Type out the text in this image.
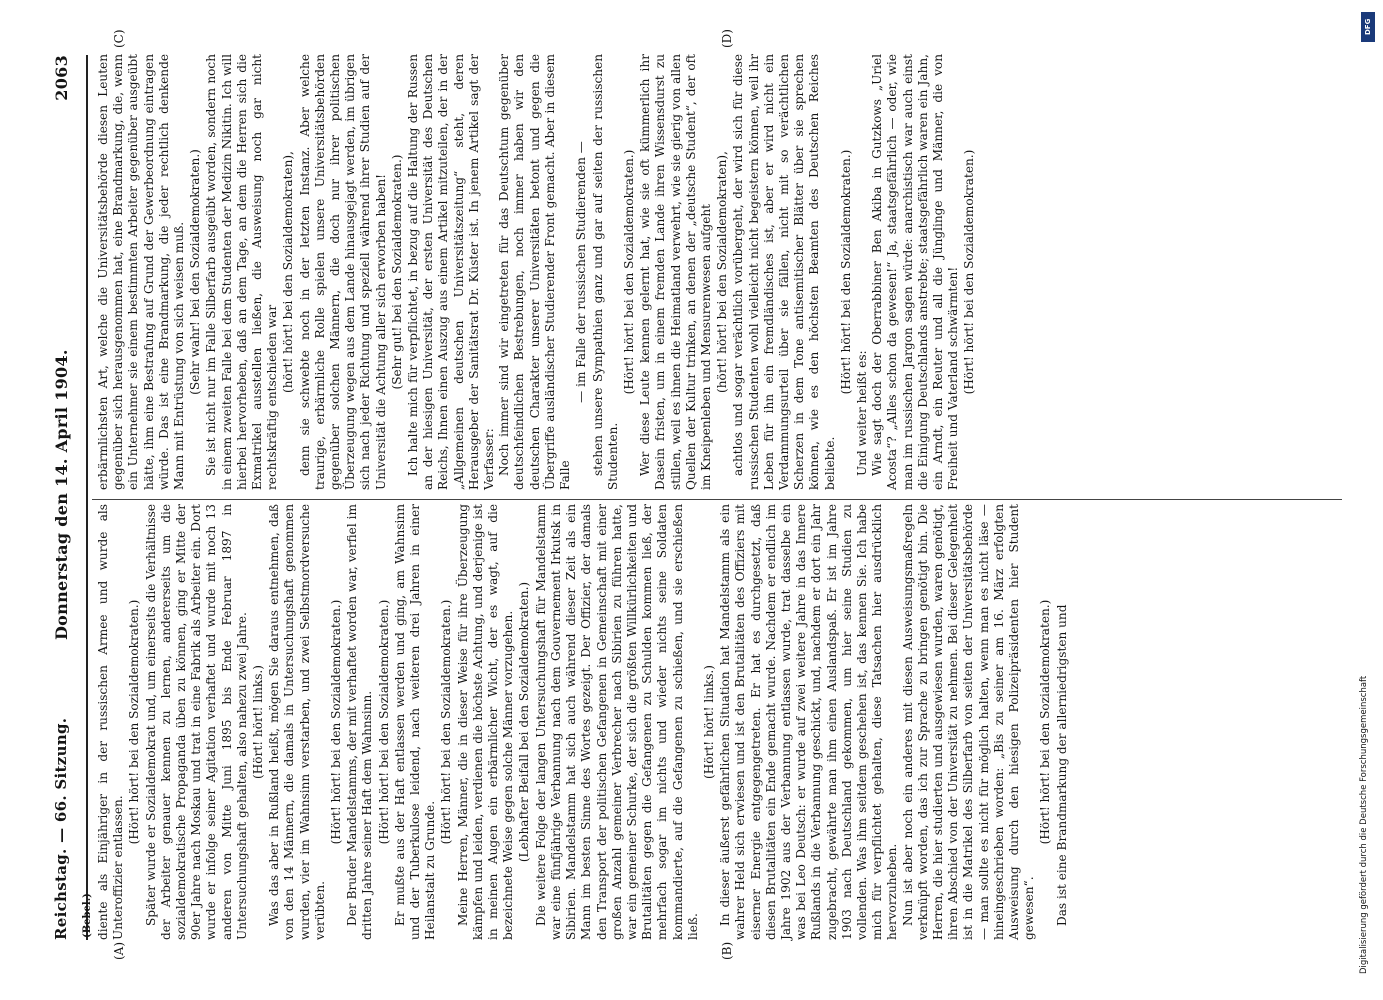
Reichstag. — 66. Sitzung.
Donnerstag den 14. April 1904.
2063
(Bebel.)
(A)	(B)
(C)	(D)

diente als Einjähriger in der russischen Armee und wurde als Unteroffizier entlassen.

(Hört! hört! bei den Sozialdemokraten.) Später wurde er Sozialdemokrat und, um einerseits die Verhältnisse der Arbeiter genauer kennen zu lernen, andererseits um die sozialdemokratische Propaganda üben zu können, ging er Mitte der 90er Jahre nach Moskau und trat in eine Fabrik als Arbeiter ein. Dort wurde er infolge seiner Agitation verhaftet und wurde mit noch 13 anderen von Mitte Juni 1895 bis Ende Februar 1897 in Untersuchungshaft gehalten, also nahezu zwei Jahre. (Hört! hört! links.) Was das aber in Rußland heißt, mögen Sie daraus entnehmen, daß von den 14 Männern, die damals in Untersuchungshaft genommen wurden, vier im Wahnsinn verstarben, und zwei Selbstmordversuche verübten.

(Hört! hört! bei den Sozialdemokraten.) Der Bruder Mandelstamms, der mit verhaftet worden war, verfiel im dritten Jahre seiner Haft dem Wahnsinn. (Hört! hört! bei den Sozialdemokraten.) Er mußte aus der Haft entlassen werden und ging, am Wahnsinn und der Tuberkulose leidend, nach weiteren drei Jahren in einer Heilanstalt zu Grunde.

(Hört! hört! bei den Sozialdemokraten.) Meine Herren, Männer, die in dieser Weise für ihre Überzeugung kämpfen und leiden, verdienen die höchste Achtung, und derjenige ist in meinen Augen ein erbärmlicher Wicht, der es wagt, auf die bezeichnete Weise gegen solche Männer vorzugehen. (Lebhafter Beifall bei den Sozialdemokraten.) Die weitere Folge der langen Untersuchungshaft für Mandelstamm war eine fünfjährige Verbannung nach dem Gouvernement Irkutsk in Sibirien. Mandelstamm hat sich auch während dieser Zeit als ein Mann im besten Sinne des Wortes gezeigt. Der Offizier, der damals den Transport der politischen Gefangenen in Gemeinschaft mit einer großen Anzahl gemeiner Verbrecher nach Sibirien zu führen hatte, war ein gemeiner Schurke, der sich die größten Willkürlichkeiten und Brutalitäten gegen die Gefangenen zu Schulden kommen ließ, der mehrfach sogar im nichts und wieder nichts seine Soldaten kommandierte, auf die Gefangenen zu schießen, und sie erschießen ließ.

(Hört! hört! links.) In dieser äußerst gefährlichen Situation hat Mandelstamm als ein wahrer Held sich erwiesen und ist den Brutalitäten des Offiziers mit eiserner Energie entgegengetreten. Er hat es durchgesetzt, daß diesen Brutalitäten ein Ende gemacht wurde. Nachdem er endlich im Jahre 1902 aus der Verbannung entlassen wurde, trat dasselbe ein was bei Leo Deutsch: er wurde auf zwei weitere Jahre in das Innere Rußlands in die Verbannung geschickt, und, nachdem er dort ein Jahr zugebracht, gewährte man ihm einen Auslandspaß. Er ist im Jahre 1903 nach Deutschland gekommen, um hier seine Studien zu vollenden. Was ihm seitdem geschehen ist, das kennen Sie. Ich habe mich für verpflichtet gehalten, diese Tatsachen hier ausdrücklich hervorzuheben. Nun ist aber noch ein anderes mit diesen Ausweisungsmaßregeln verknüpft worden, das ich zur Sprache zu bringen genötigt bin. Die Herren, die hier studierten und ausgewiesen wurden, waren genötigt, ihren Abschied von der Universität zu nehmen. Bei dieser Gelegenheit ist in die Matrikel des Silberfarb von seiten der Universitätsbehörde — man sollte es nicht für möglich halten, wenn man es nicht läse — hineingeschrieben worden: „Bis zu seiner am 16. März erfolgten Ausweisung durch den hiesigen Polizeipräsidenten hier Student gewesen“.

(Hört! hört! bei den Sozialdemokraten.) Das ist eine Brandmarkung der allerniedrigsten und

erbärmlichsten Art, welche die Universitätsbehörde diesen Leuten gegenüber sich herausgenommen hat, eine Brandmarkung, die, wenn ein Unternehmer sie einem bestimmten Arbeiter gegenüber ausgeübt hätte, ihm eine Bestrafung auf Grund der Gewerbeordnung eintragen würde. Das ist eine Brandmarkung, die jeder rechtlich denkende Mann mit Entrüstung von sich weisen muß. (Sehr wahr! bei den Sozialdemokraten.) Sie ist nicht nur im Falle Silberfarb ausgeübt worden, sondern noch in einem zweiten Falle bei dem Studenten der Medizin Nikitin. Ich will hierbei hervorheben, daß an dem Tage, an dem die Herren sich die Exmatrikel ausstellen ließen, die Ausweisung noch gar nicht rechtskräftig entschieden war

(hört! hört! bei den Sozialdemokraten), denn sie schwebte noch in der letzten Instanz. Aber welche traurige, erbärmliche Rolle spielen unsere Universitätsbehörden gegenüber solchen Männern, die doch nur ihrer politischen Überzeugung wegen aus dem Lande hinausgejagt werden, im übrigen sich nach jeder Richtung und speziell während ihrer Studien auf der Universität die Achtung aller sich erworben haben! (Sehr gut! bei den Sozialdemokraten.) Ich halte mich für verpflichtet, in bezug auf die Haltung der Russen an der hiesigen Universität, der ersten Universität des Deutschen Reichs, Ihnen einen Auszug aus einem Artikel mitzuteilen, der in der „Allgemeinen deutschen Universitätszeitung“ steht, deren Herausgeber der Sanitätsrat Dr. Küster ist. In jenem Artikel sagt der Verfasser: Noch immer sind wir eingetreten für das Deutschtum gegenüber deutschfeindlichen Bestrebungen, noch immer haben wir den deutschen Charakter unserer Universitäten betont und gegen die Übergriffe ausländischer Studierender Front gemacht. Aber in diesem Falle

— im Falle der russischen Studierenden — stehen unsere Sympathien ganz und gar auf seiten der russischen Studenten.

(Hört! hört! bei den Sozialdemokraten.) Wer diese Leute kennen gelernt hat, wie sie oft kümmerlich ihr Dasein fristen, um in einem fremden Lande ihren Wissensdurst zu stillen, weil es ihnen die Heimatland verwehrt, wie sie gierig von allen Quellen der Kultur trinken, an denen der „deutsche Student“, der oft im Kneipenleben und Mensurenwesen aufgeht (hört! hört! bei den Sozialdemokraten), achtlos und sogar verächtlich vorübergeht, der wird sich für diese russischen Studenten wohl vielleicht nicht begeistern können, weil ihr Leben für ihn ein fremdländisches ist, aber er wird nicht ein Verdammungsurteil über sie fällen, nicht mit so verächtlichen Scherzen in dem Tone antisemitischer Blätter über sie sprechen können, wie es den höchsten Beamten des Deutschen Reiches beliebte.

(Hört! hört! bei den Sozialdemokraten.)

Und weiter heißt es: Wie sagt doch der Oberrabbiner Ben Akiba in Gutzkows „Uriel Acosta“? „Alles schon da gewesen!“ Ja, staatsgefährlich — oder, wie man im russischen Jargon sagen würde: anarchistisch war auch einst die Einigung Deutschlands anstrebte; staatsgefährlich waren ein Jahn, ein Arndt, ein Reuter und all die Jünglinge und Männer, die von Freiheit und Vaterland schwärmten! (Hört! hört! bei den Sozialdemokraten.)

Digitalisierung gefördert durch die Deutsche Forschungsgemeinschaft
DFG
